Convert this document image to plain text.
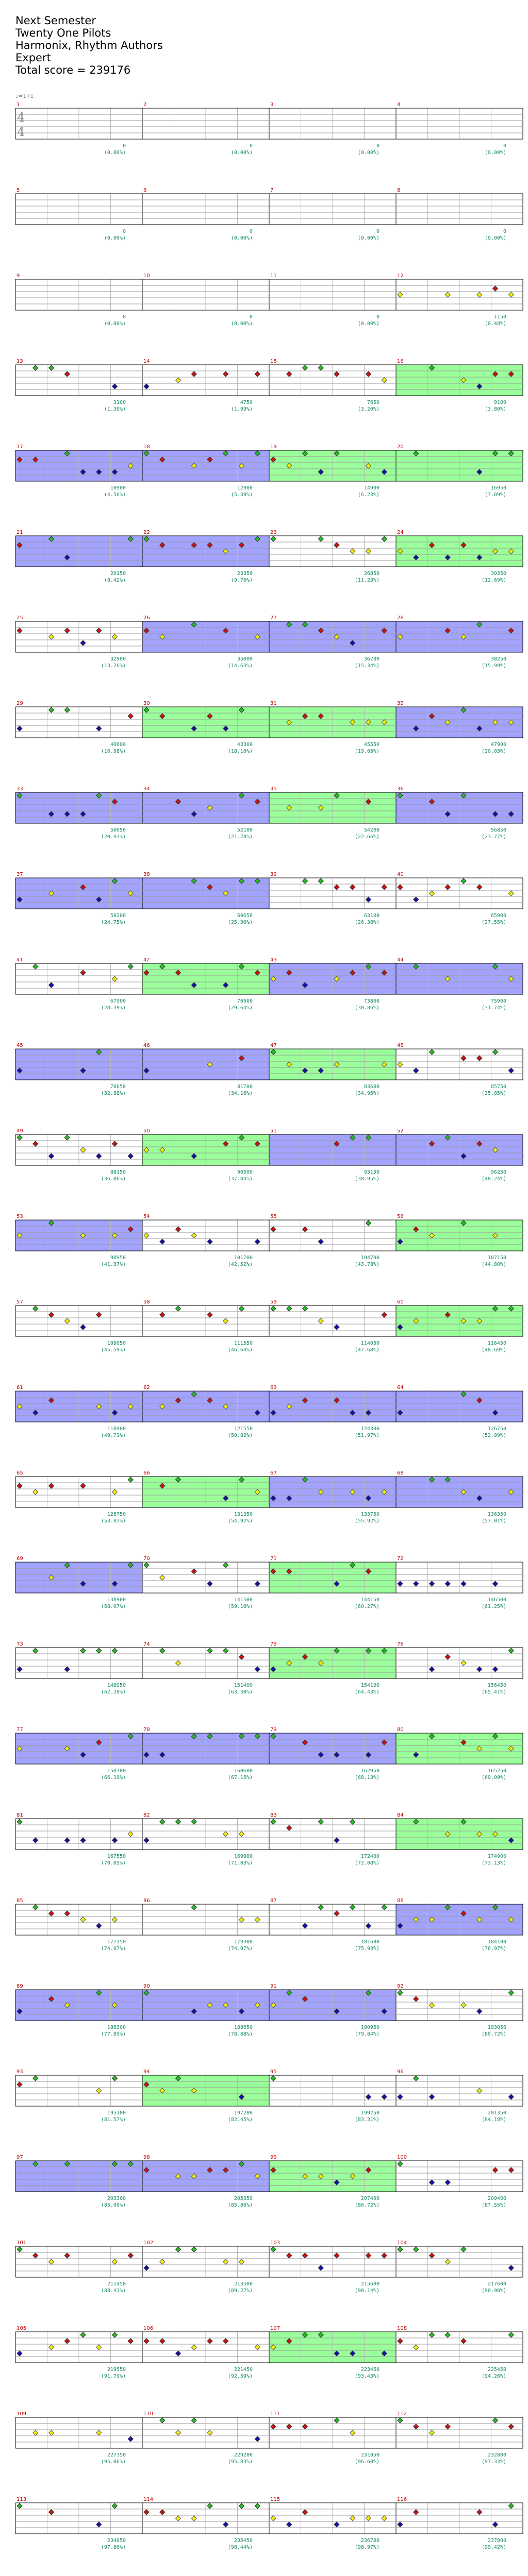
Next Semester
Twenty One Pilots
Harmonix, Rhythm Authors
Expert
Total score = 239176
1
0
(0.00%)
2
0
(0.00%)
3
0
(0.00%)
4
0
(0.00%)
5
0
(0.00%)
6
0
(0.00%)
7
0
(0.00%)
8
0
(0.00%)
9
0
(0.00%)
10
0
(0.00%)
11
0
(0.00%)
12
1150
(0.48%)
13
3100
(1.30%)
14
4750
(1.99%)
15
7650
(3.20%)
16
9100
(3.80%)
17
10900
(4.56%)
18
12900
(5.39%)
19
14900
(6.23%)
20
16950
(7.09%)
21
20150
(8.42%)
22
23350
(9.76%)
23
26850
(11.23%)
24
30350
(12.69%)
25
32900
(13.76%)
26
35000
(14.63%)
27
36700
(15.34%)
28
38250
(15.99%)
29
40600
(16.98%)
30
43300
(18.10%)
31
45550
(19.05%)
32
47900
(20.03%)
33
50050
(20.93%)
34
52100
(21.78%)
35
54200
(22.66%)
36
56850
(23.77%)
37
59200
(24.75%)
38
60650
(25.36%)
39
63100
(26.38%)
40
65900
(27.55%)
41
67900
(28.39%)
42
70900
(29.64%)
43
73800
(30.86%)
44
75900
(31.74%)
45
78650
(32.88%)
46
81700
(34.16%)
47
83600
(34.95%)
48
85750
(35.85%)
49
88150
(36.86%)
50
90500
(37.84%)
51
93150
(38.95%)
52
96250
(40.24%)
53
98950
(41.37%)
54
101700
(42.52%)
55
104700
(43.78%)
56
107150
(44.80%)
57
109050
(45.59%)
58
111550
(46.64%)
59
114050
(47.68%)
60
116450
(48.69%)
61
118900
(49.71%)
62
121550
(50.82%)
63
124300
(51.97%)
64
126750
(52.99%)
65
128750
(53.83%)
66
131350
(54.92%)
67
133750
(55.92%)
68
136350
(57.01%)
69
138900
(58.07%)
70
141500
(59.16%)
71
144150
(60.27%)
72
146500
(61.25%)
73
148950
(62.28%)
74
151400
(63.30%)
75
154100
(64.43%)
76
156450
(65.41%)
77
158300
(66.19%)
78
160600
(67.15%)
79
162950
(68.13%)
80
165250
(69.09%)
81
167550
(70.05%)
82
169900
(71.03%)
83
172400
(72.08%)
84
174900
(73.13%)
85
177150
(74.07%)
86
179300
(74.97%)
87
181600
(75.93%)
88
184100
(76.97%)
89
186300
(77.89%)
90
188650
(78.88%)
91
190950
(79.84%)
92
193050
(80.72%)
93
195100
(81.57%)
94
197200
(82.45%)
95
199250
(83.31%)
96
201350
(84.18%)
97
203300
(85.00%)
98
205350
(85.86%)
99
207400
(86.72%)
100
209400
(87.55%)
101
211450
(88.41%)
102
213500
(89.27%)
103
215600
(90.14%)
104
217600
(90.98%)
105
219550
(91.79%)
106
221450
(92.59%)
107
223450
(93.43%)
108
225450
(94.26%)
109
227350
(95.06%)
110
229200
(95.83%)
111
231050
(96.60%)
112
232800
(97.33%)
113
234050
(97.86%)
114
235450
(98.44%)
115
236700
(98.97%)
116
237800
(99.42%)
4
4
♩=171
